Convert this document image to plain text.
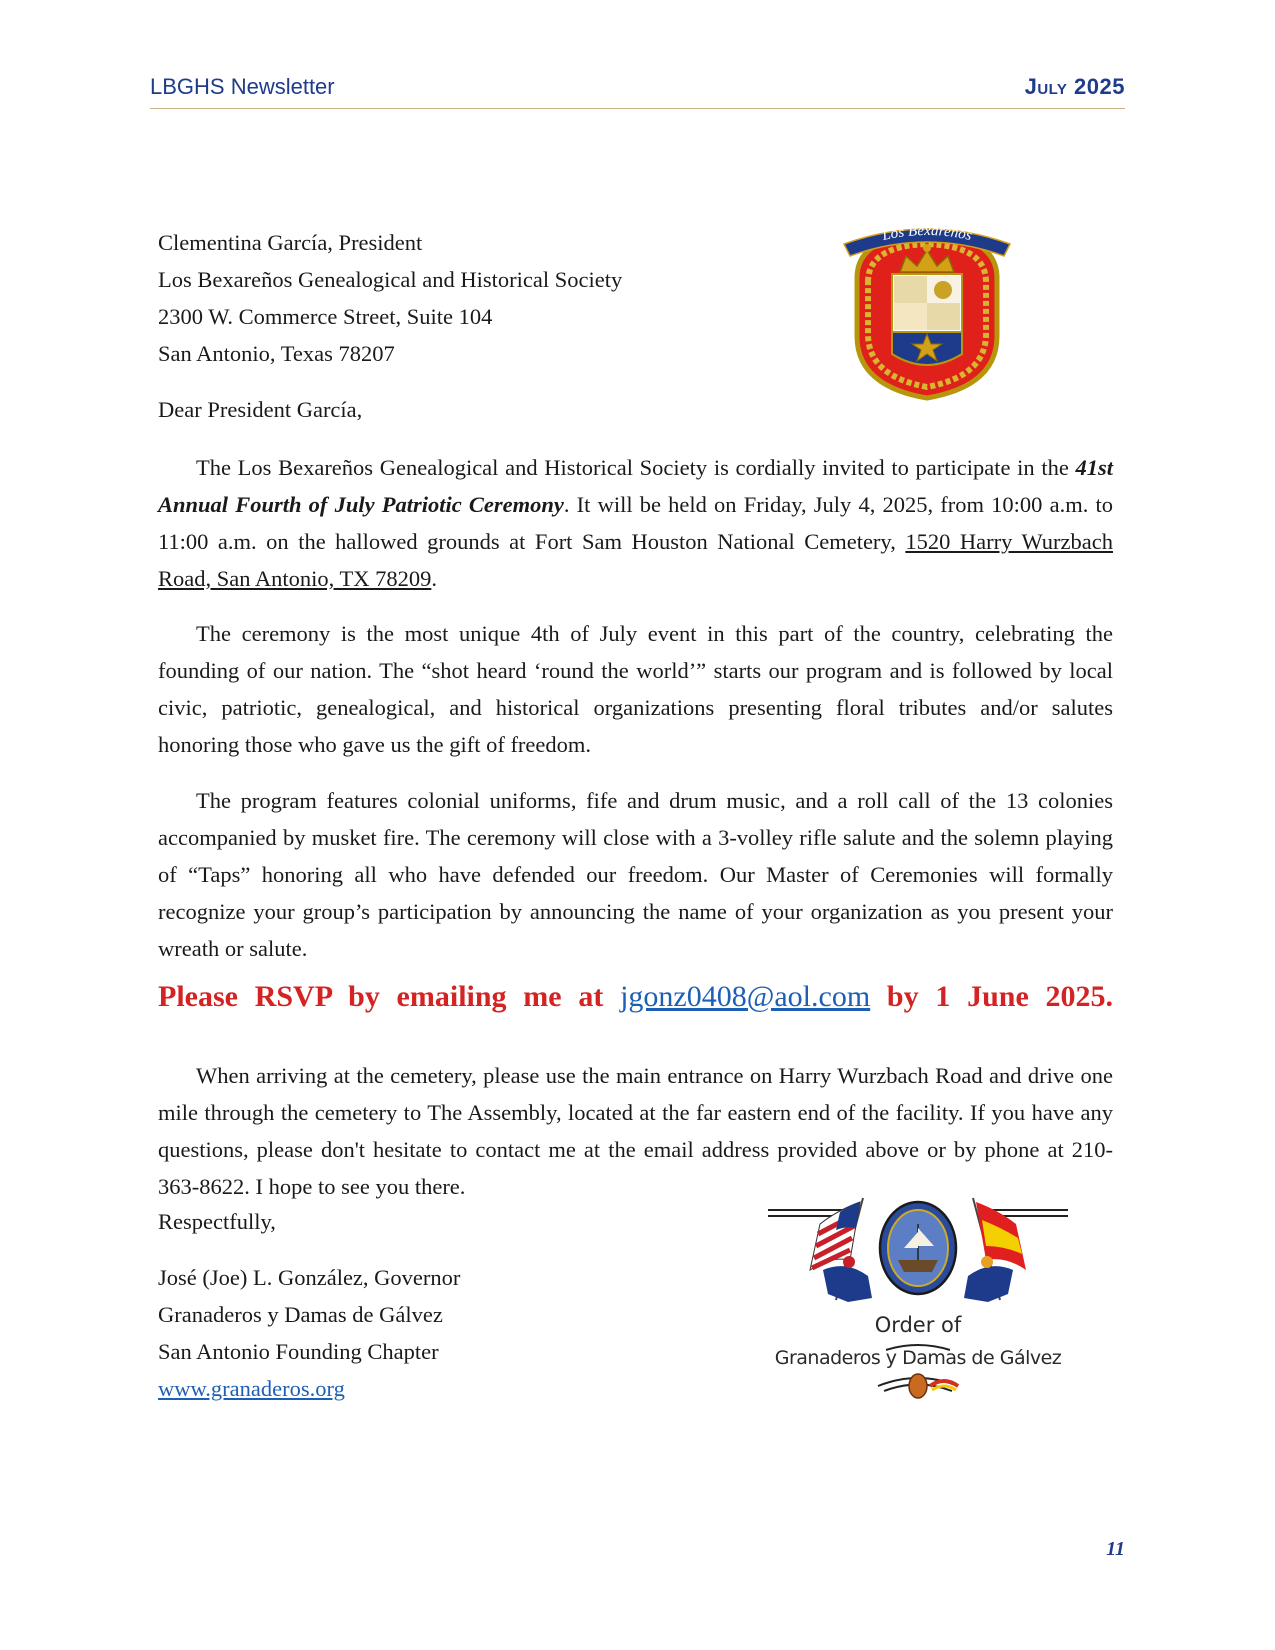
LBGHS Newsletter	July 2025
Clementina García, President
Los Bexareños Genealogical and Historical Society
2300 W. Commerce Street, Suite 104
San Antonio, Texas 78207
Los Bexareños
Dear President García,
The Los Bexareños Genealogical and Historical Society is cordially invited to participate in the 41st Annual Fourth of July Patriotic Ceremony. It will be held on Friday, July 4, 2025, from 10:00 a.m. to 11:00 a.m. on the hallowed grounds at Fort Sam Houston National Cemetery, 1520 Harry Wurzbach Road, San Antonio, TX 78209.
The ceremony is the most unique 4th of July event in this part of the country, celebrating the founding of our nation. The “shot heard ‘round the world’” starts our program and is followed by local civic, patriotic, genealogical, and historical organizations presenting floral tributes and/or salutes honoring those who gave us the gift of freedom.
The program features colonial uniforms, fife and drum music, and a roll call of the 13 colonies accompanied by musket fire. The ceremony will close with a 3-volley rifle salute and the solemn playing of “Taps” honoring all who have defended our freedom. Our Master of Ceremonies will formally recognize your group’s participation by announcing the name of your organization as you present your wreath or salute.
Please RSVP by emailing me at jgonz0408@aol.com by 1 June 2025.
When arriving at the cemetery, please use the main entrance on Harry Wurzbach Road and drive one mile through the cemetery to The Assembly, located at the far eastern end of the facility. If you have any questions, please don't hesitate to contact me at the email address provided above or by phone at 210-363-8622. I hope to see you there.
Respectfully,
José (Joe) L. González, Governor
Granaderos y Damas de Gálvez
San Antonio Founding Chapter
www.granaderos.org
Order of
Granaderos y Damas de Gálvez
11
